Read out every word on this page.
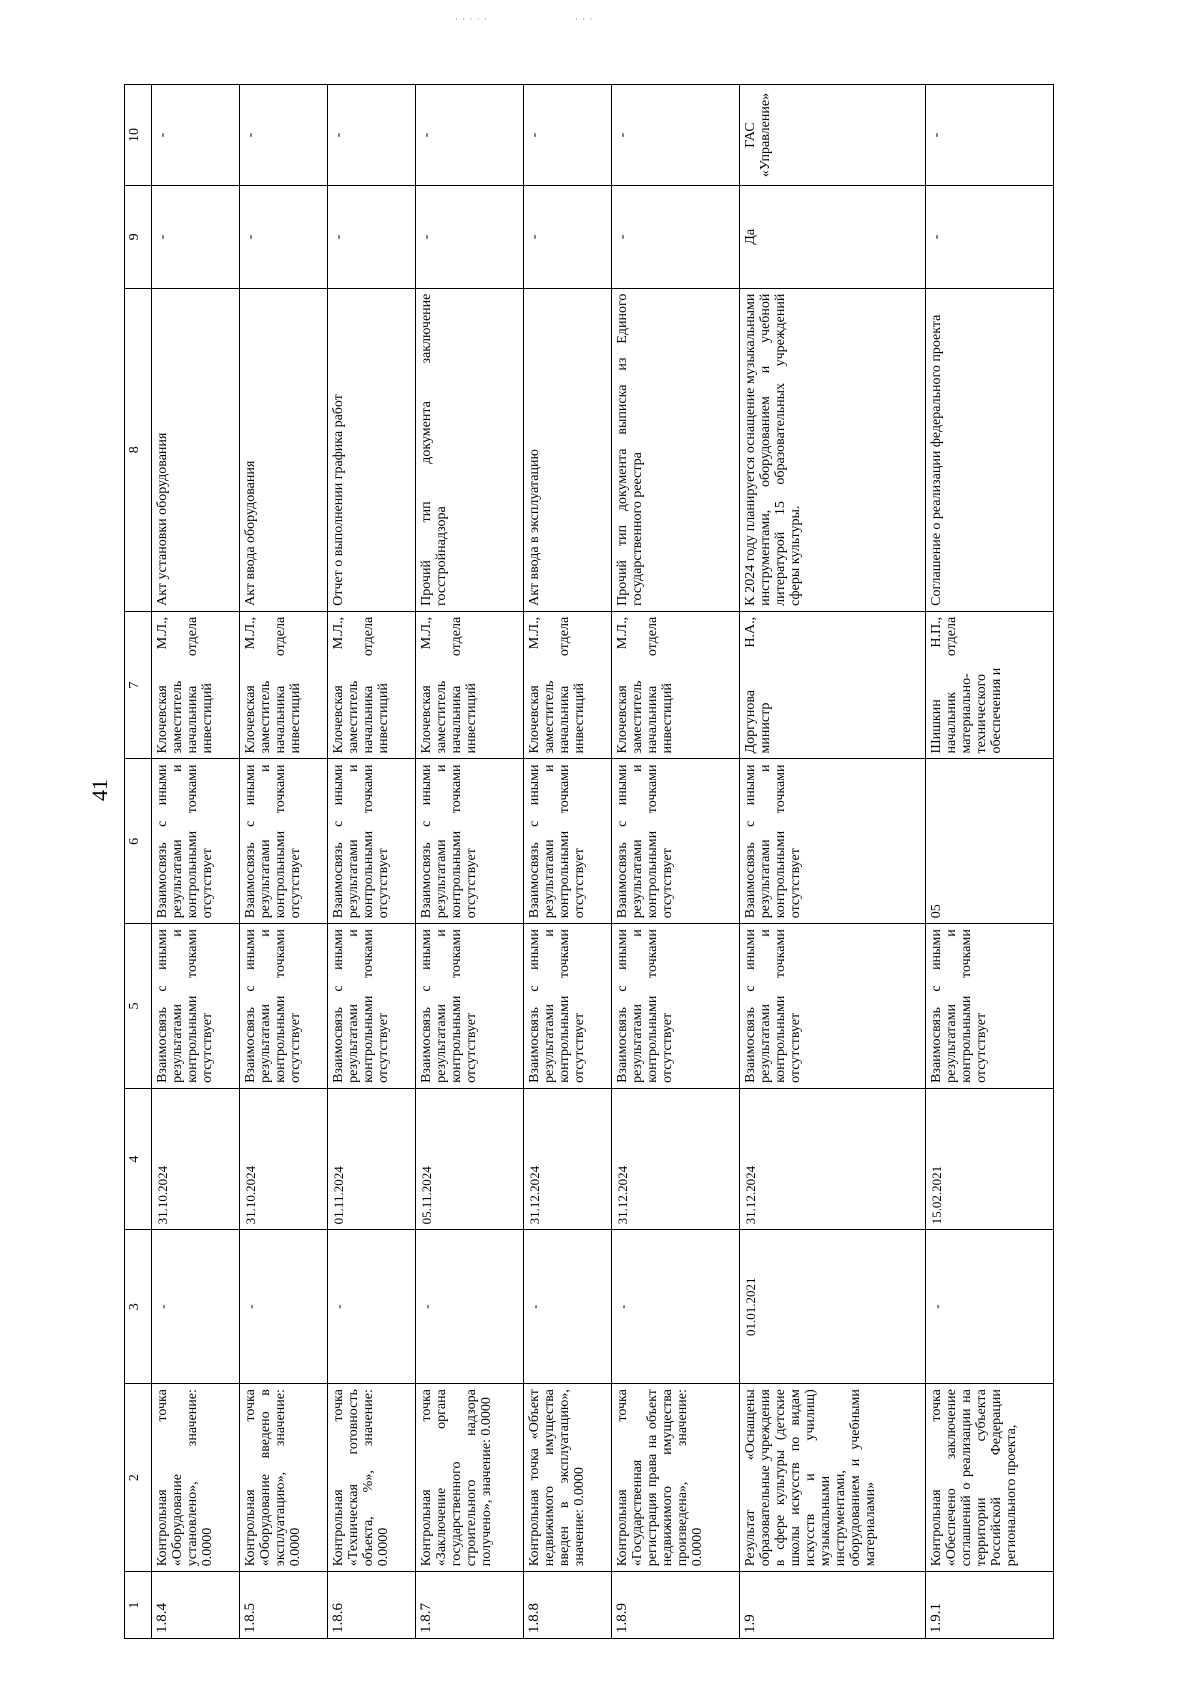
41
· · · · ·	· · ·
1	2	3	4	5	6	7	8	9	10
1.8.4	Контрольная точка «Оборудование установлено», значение: 0.0000	-	31.10.2024	Взаимосвязь с иными результатами и контрольными точками отсутствует	Взаимосвязь с иными результатами и контрольными точками отсутствует	Клочевская М.Л., заместитель начальника отдела инвестиций	Акт установки оборудования	-	-
1.8.5	Контрольная точка «Оборудование введено в эксплуатацию», значение: 0.0000	-	31.10.2024	Взаимосвязь с иными результатами и контрольными точками отсутствует	Взаимосвязь с иными результатами и контрольными точками отсутствует	Клочевская М.Л., заместитель начальника отдела инвестиций	Акт ввода оборудования	-	-
1.8.6	Контрольная точка «Техническая готовность объекта, %», значение: 0.0000	-	01.11.2024	Взаимосвязь с иными результатами и контрольными точками отсутствует	Взаимосвязь с иными результатами и контрольными точками отсутствует	Клочевская М.Л., заместитель начальника отдела инвестиций	Отчет о выполнении графика работ	-	-
1.8.7	Контрольная точка «Заключение органа государственного строительного надзора получено», значение: 0.0000	-	05.11.2024	Взаимосвязь с иными результатами и контрольными точками отсутствует	Взаимосвязь с иными результатами и контрольными точками отсутствует	Клочевская М.Л., заместитель начальника отдела инвестиций	Прочий тип документа заключение госстройнадзора	-	-
1.8.8	Контрольная точка «Объект недвижимого имущества введен в эксплуатацию», значение: 0.0000	-	31.12.2024	Взаимосвязь с иными результатами и контрольными точками отсутствует	Взаимосвязь с иными результатами и контрольными точками отсутствует	Клочевская М.Л., заместитель начальника отдела инвестиций	Акт ввода в эксплуатацию	-	-
1.8.9	Контрольная точка «Государственная регистрация права на объект недвижимого имущества произведена», значение: 0.0000	-	31.12.2024	Взаимосвязь с иными результатами и контрольными точками отсутствует	Взаимосвязь с иными результатами и контрольными точками отсутствует	Клочевская М.Л., заместитель начальника отдела инвестиций	Прочий тип документа выписка из Единого государственного реестра	-	-
1.9	Результат «Оснащены образовательные учреждения в сфере культуры (детские школы искусств по видам искусств и училищ) музыкальными инструментами, оборудованием и учебными материалами»	01.01.2021	31.12.2024	Взаимосвязь с иными результатами и контрольными точками отсутствует	Взаимосвязь с иными результатами и контрольными точками отсутствует	Доргунова Н.А., министр	К 2024 году планируется оснащение музыкальными инструментами, оборудованием и учебной литературой 15 образовательных учреждений сферы культуры.	Да	ГАС «Управление»
1.9.1	Контрольная точка «Обеспечено заключение соглашений о реализации на территории субъекта Российской Федерации регионального проекта,	-	15.02.2021	Взаимосвязь с иными результатами и контрольными точками отсутствует	05	Шишкин Н.П., начальник отдела материально-технического обеспечения и	Соглашение о реализации федерального проекта	-	-
